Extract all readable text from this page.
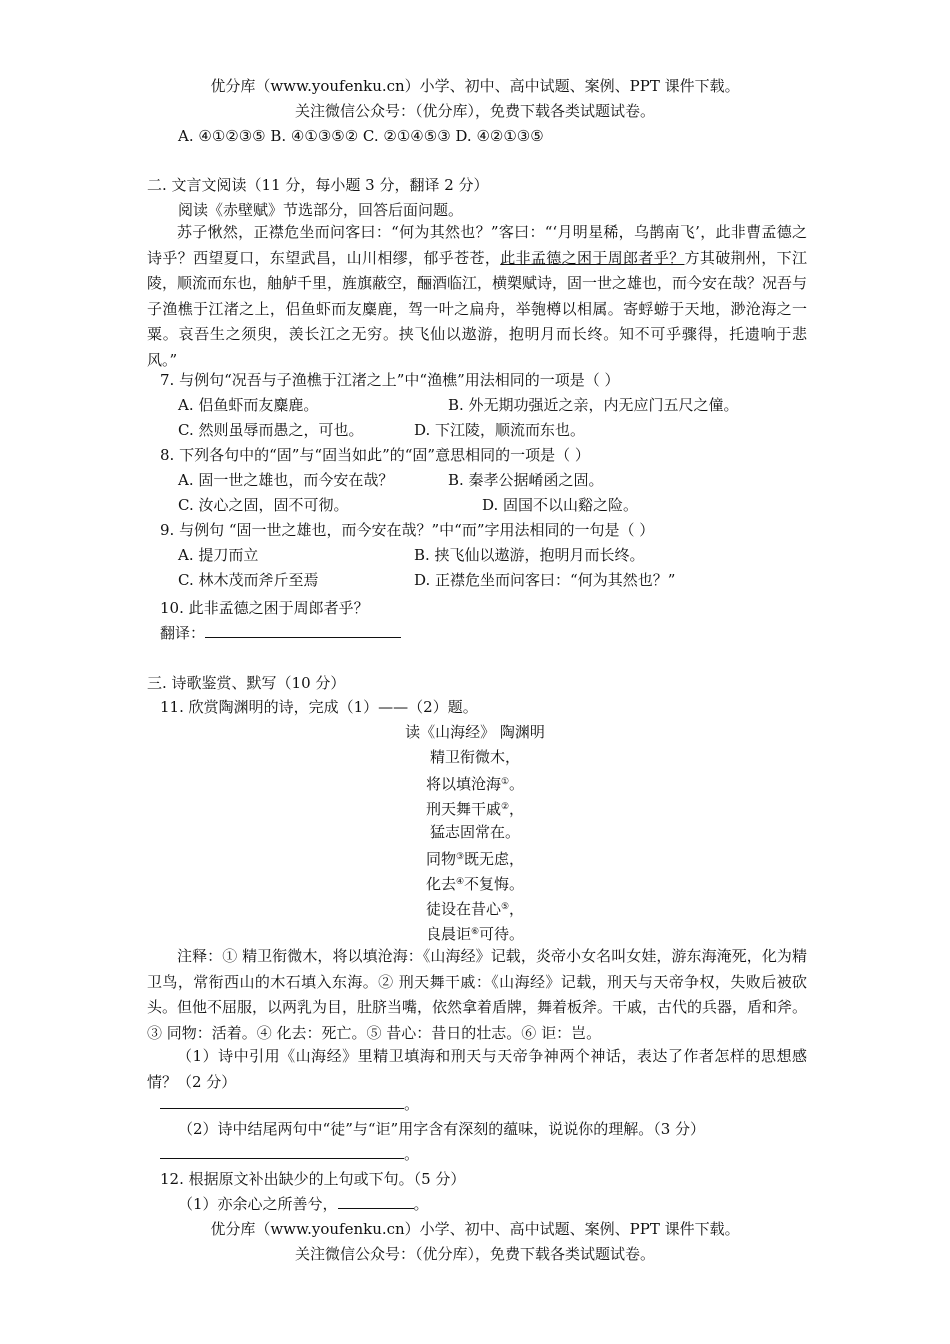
优分库（www.youfenku.cn）小学、初中、高中试题、案例、PPT 课件下载。
关注微信公众号：（优分库），免费下载各类试题试卷。
A. ④①②③⑤ B. ④①③⑤② C. ②①④⑤③ D. ④②①③⑤
二. 文言文阅读（11 分，每小题 3 分，翻译 2 分）
阅读《赤壁赋》节选部分，回答后面问题。
苏子愀然，正襟危坐而问客曰：“何为其然也？”客曰：“‘月明星稀，乌鹊南飞’，此非曹孟德之诗乎？西望夏口，东望武昌，山川相缪，郁乎苍苍，此非孟德之困于周郎者乎？方其破荆州，下江陵，顺流而东也，舳舻千里，旌旗蔽空，酾酒临江，横槊赋诗，固一世之雄也，而今安在哉？况吾与子渔樵于江渚之上，侣鱼虾而友麋鹿，驾一叶之扁舟，举匏樽以相属。寄蜉蝣于天地，渺沧海之一粟。哀吾生之须臾，羡长江之无穷。挟飞仙以遨游，抱明月而长终。知不可乎骤得，托遗响于悲风。”
7. 与例句“况吾与子渔樵于江渚之上”中“渔樵”用法相同的一项是（ ）
A. 侣鱼虾而友麋鹿。	B. 外无期功强近之亲，内无应门五尺之僮。
C. 然则虽辱而愚之，可也。	D. 下江陵，顺流而东也。
8. 下列各句中的“固”与“固当如此”的“固”意思相同的一项是（ ）
A. 固一世之雄也，而今安在哉？	B. 秦孝公据崤函之固。
C. 汝心之固，固不可彻。	D. 固国不以山谿之险。
9. 与例句 “固一世之雄也，而今安在哉？”中“而”字用法相同的一句是（ ）
A. 提刀而立	B. 挟飞仙以遨游，抱明月而长终。
C. 林木茂而斧斤至焉	D. 正襟危坐而问客曰：“何为其然也？”
10. 此非孟德之困于周郎者乎？
翻译：
三. 诗歌鉴赏、默写（10 分）
11. 欣赏陶渊明的诗，完成（1）——（2）题。
读《山海经》 陶渊明
精卫衔微木，
将以填沧海①。
刑天舞干戚②，
猛志固常在。
同物③既无虑，
化去④不复悔。
徒设在昔心⑤，
良晨讵⑥可待。
注释：① 精卫衔微木，将以填沧海：《山海经》记载，炎帝小女名叫女娃，游东海淹死，化为精卫鸟，常衔西山的木石填入东海。② 刑天舞干戚：《山海经》记载，刑天与天帝争权，失败后被砍头。但他不屈服，以两乳为目，肚脐当嘴，依然拿着盾牌，舞着板斧。干戚，古代的兵器，盾和斧。③ 同物：活着。④ 化去：死亡。⑤ 昔心：昔日的壮志。⑥ 讵：岂。
（1）诗中引用《山海经》里精卫填海和刑天与天帝争神两个神话，表达了作者怎样的思想感情？（2 分）
。
（2）诗中结尾两句中“徒”与“讵”用字含有深刻的蕴味，说说你的理解。（3 分）
。
12. 根据原文补出缺少的上句或下句。（5 分）
（1）亦余心之所善兮，	。
优分库（www.youfenku.cn）小学、初中、高中试题、案例、PPT 课件下载。
关注微信公众号：（优分库），免费下载各类试题试卷。
